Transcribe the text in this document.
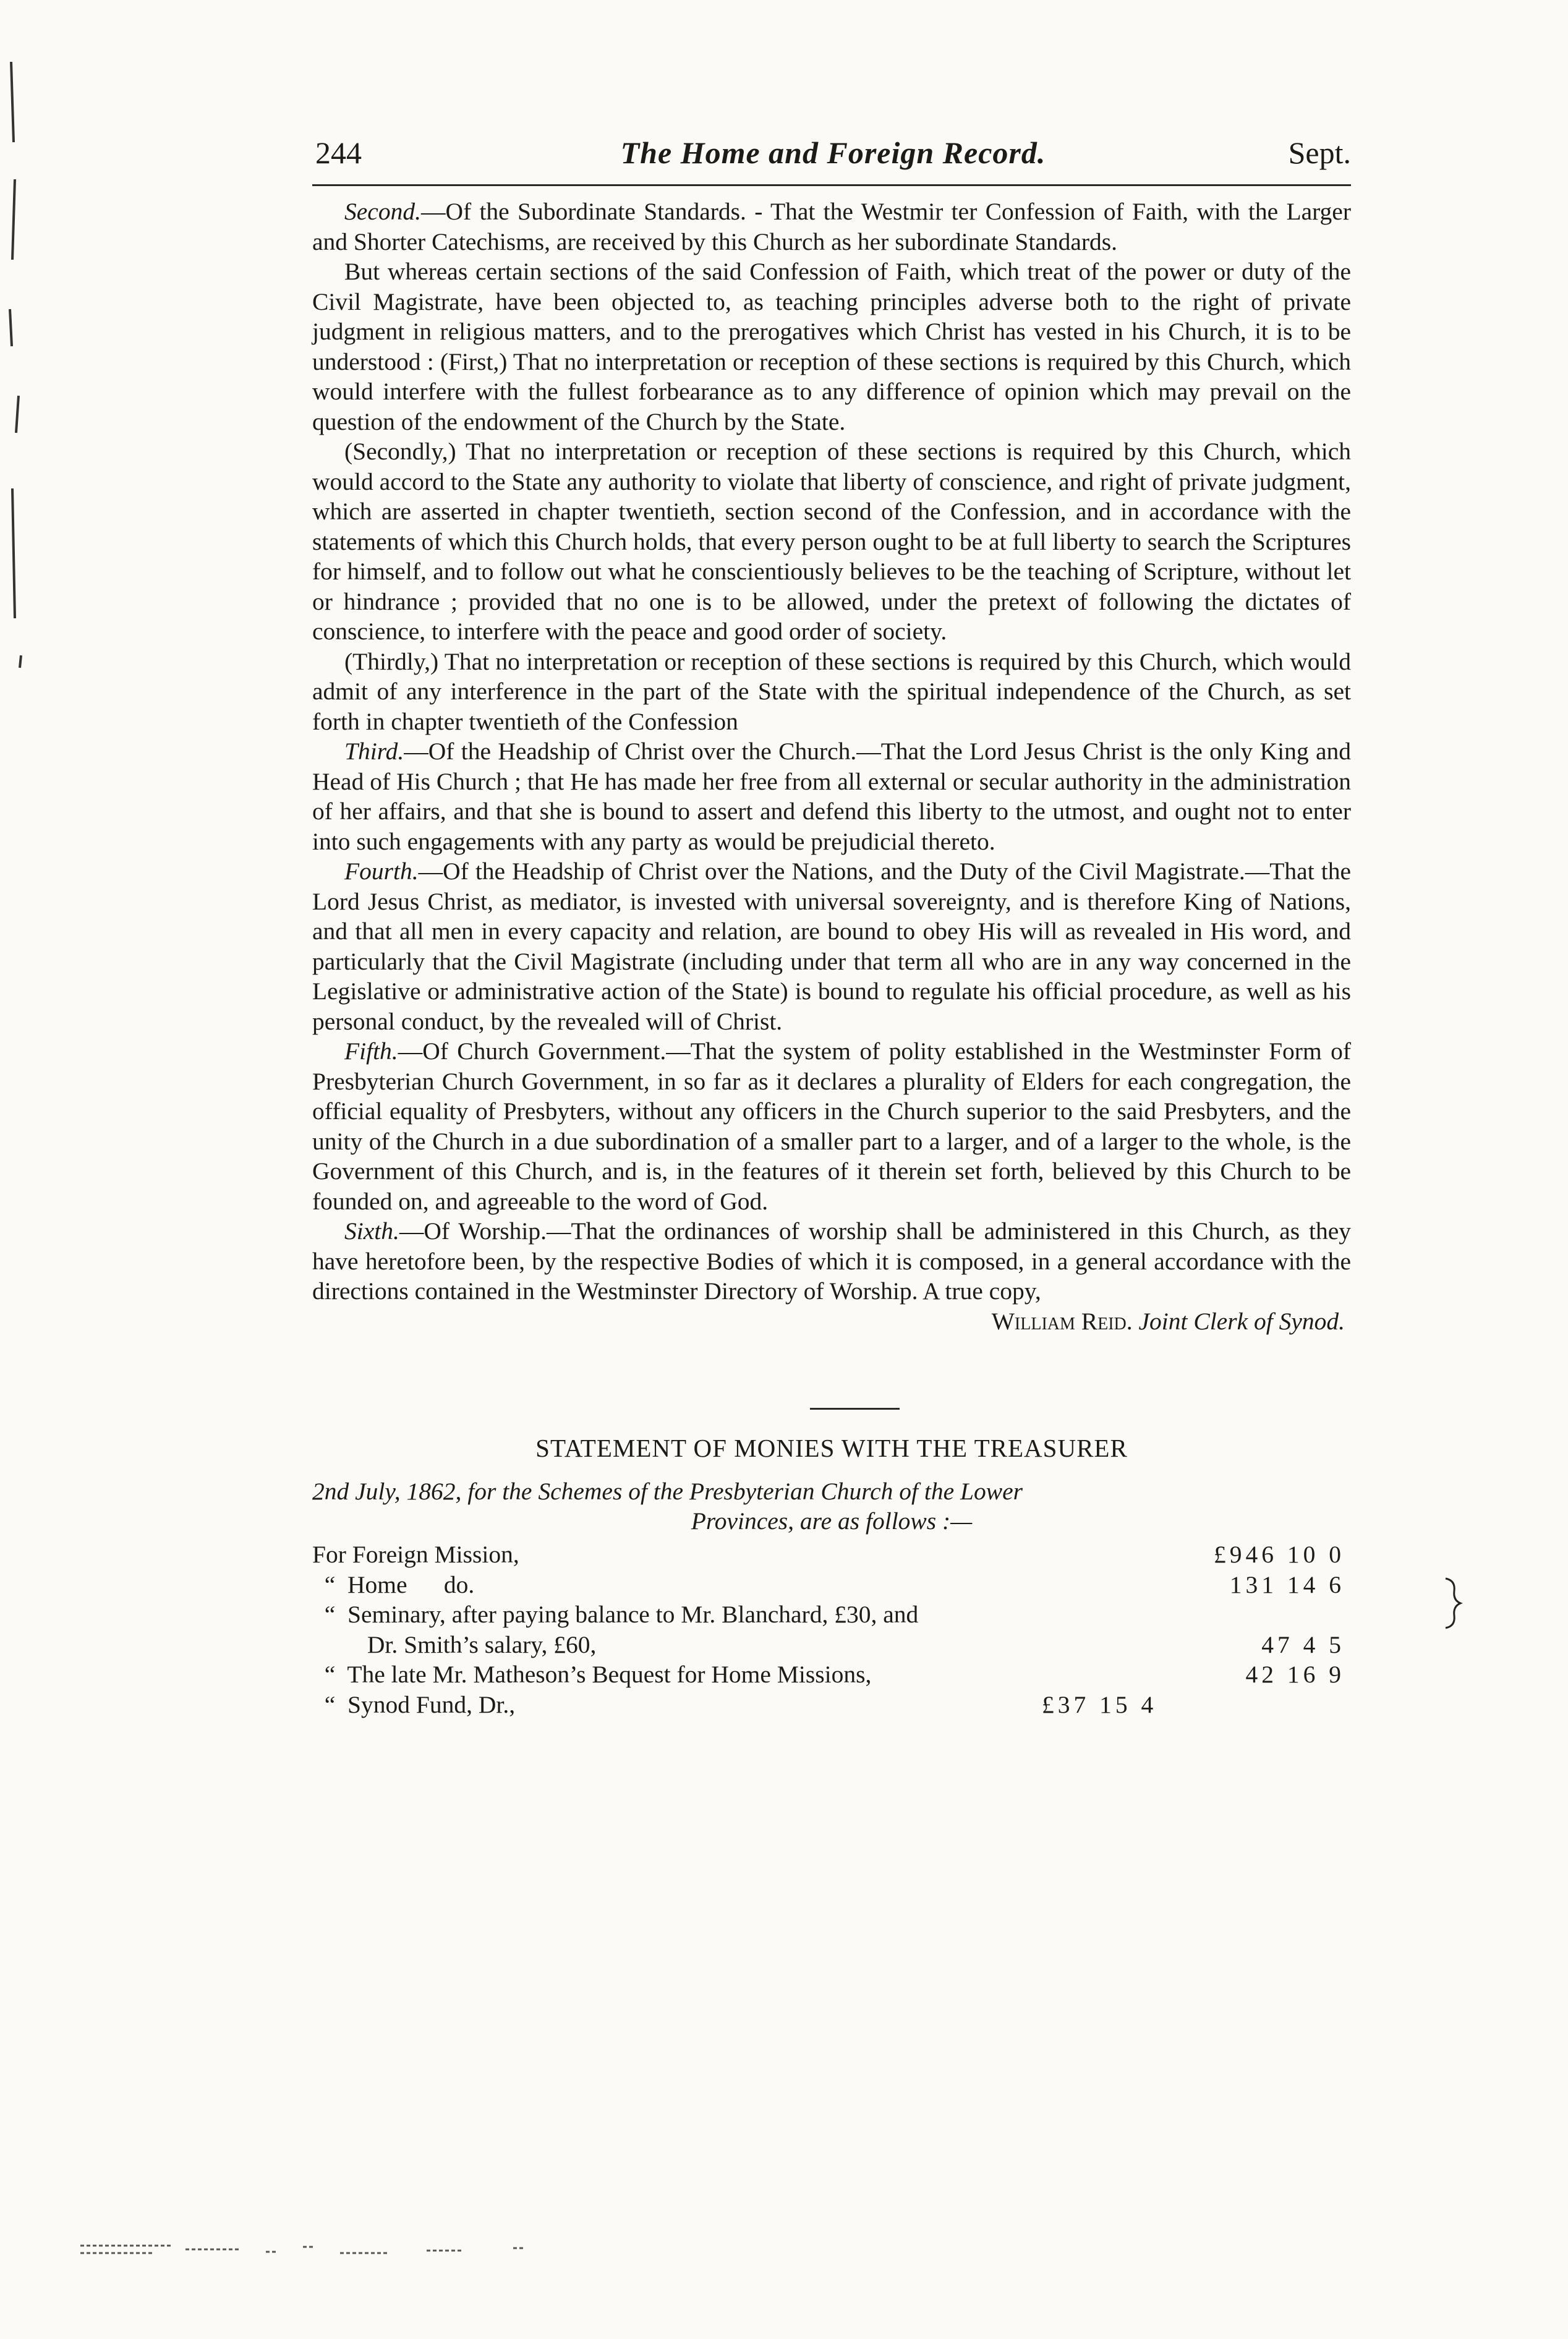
244	The Home and Foreign Record.	Sept.

Second.—Of the Subordinate Standards. - That the Westmir ter Confession of Faith, with the Larger and Shorter Catechisms, are received by this Church as her subordinate Standards.

But whereas certain sections of the said Confession of Faith, which treat of the power or duty of the Civil Magistrate, have been objected to, as teaching principles adverse both to the right of private judgment in religious matters, and to the prerogatives which Christ has vested in his Church, it is to be understood : (First,) That no interpretation or reception of these sections is required by this Church, which would interfere with the fullest forbearance as to any difference of opinion which may prevail on the question of the endowment of the Church by the State.

(Secondly,) That no interpretation or reception of these sections is required by this Church, which would accord to the State any authority to violate that liberty of conscience, and right of private judgment, which are asserted in chapter twentieth, section second of the Confession, and in accordance with the statements of which this Church holds, that every person ought to be at full liberty to search the Scriptures for himself, and to follow out what he conscientiously believes to be the teaching of Scripture, without let or hindrance ; provided that no one is to be allowed, under the pretext of following the dictates of conscience, to interfere with the peace and good order of society.

(Thirdly,) That no interpretation or reception of these sections is required by this Church, which would admit of any interference in the part of the State with the spiritual independence of the Church, as set forth in chapter twentieth of the Confession

Third.—Of the Headship of Christ over the Church.—That the Lord Jesus Christ is the only King and Head of His Church ; that He has made her free from all external or secular authority in the administration of her affairs, and that she is bound to assert and defend this liberty to the utmost, and ought not to enter into such engagements with any party as would be prejudicial thereto.

Fourth.—Of the Headship of Christ over the Nations, and the Duty of the Civil Magistrate.—That the Lord Jesus Christ, as mediator, is invested with universal sovereignty, and is therefore King of Nations, and that all men in every capacity and relation, are bound to obey His will as revealed in His word, and particularly that the Civil Magistrate (including under that term all who are in any way concerned in the Legislative or administrative action of the State) is bound to regulate his official procedure, as well as his personal conduct, by the revealed will of Christ.

Fifth.—Of Church Government.—That the system of polity established in the Westminster Form of Presbyterian Church Government, in so far as it declares a plurality of Elders for each congregation, the official equality of Presbyters, without any officers in the Church superior to the said Presbyters, and the unity of the Church in a due subordination of a smaller part to a larger, and of a larger to the whole, is the Government of this Church, and is, in the features of it therein set forth, believed by this Church to be founded on, and agreeable to the word of God.

Sixth.—Of Worship.—That the ordinances of worship shall be administered in this Church, as they have heretofore been, by the respective Bodies of which it is composed, in a general accordance with the directions contained in the Westminster Directory of Worship. A true copy,

William Reid. Joint Clerk of Synod.

STATEMENT OF MONIES WITH THE TREASURER
2nd July, 1862, for the Schemes of the Presbyterian Church of the Lower
Provinces, are as follows :—
For Foreign Mission,	£946 10 0
“  Home      do.	131 14 6
“  Seminary, after paying balance to Mr. Blanchard, £30, and
Dr. Smith’s salary, £60,	47 4 5
“  The late Mr. Matheson’s Bequest for Home Missions,	42 16 9
“  Synod Fund, Dr.,	£37 15 4
